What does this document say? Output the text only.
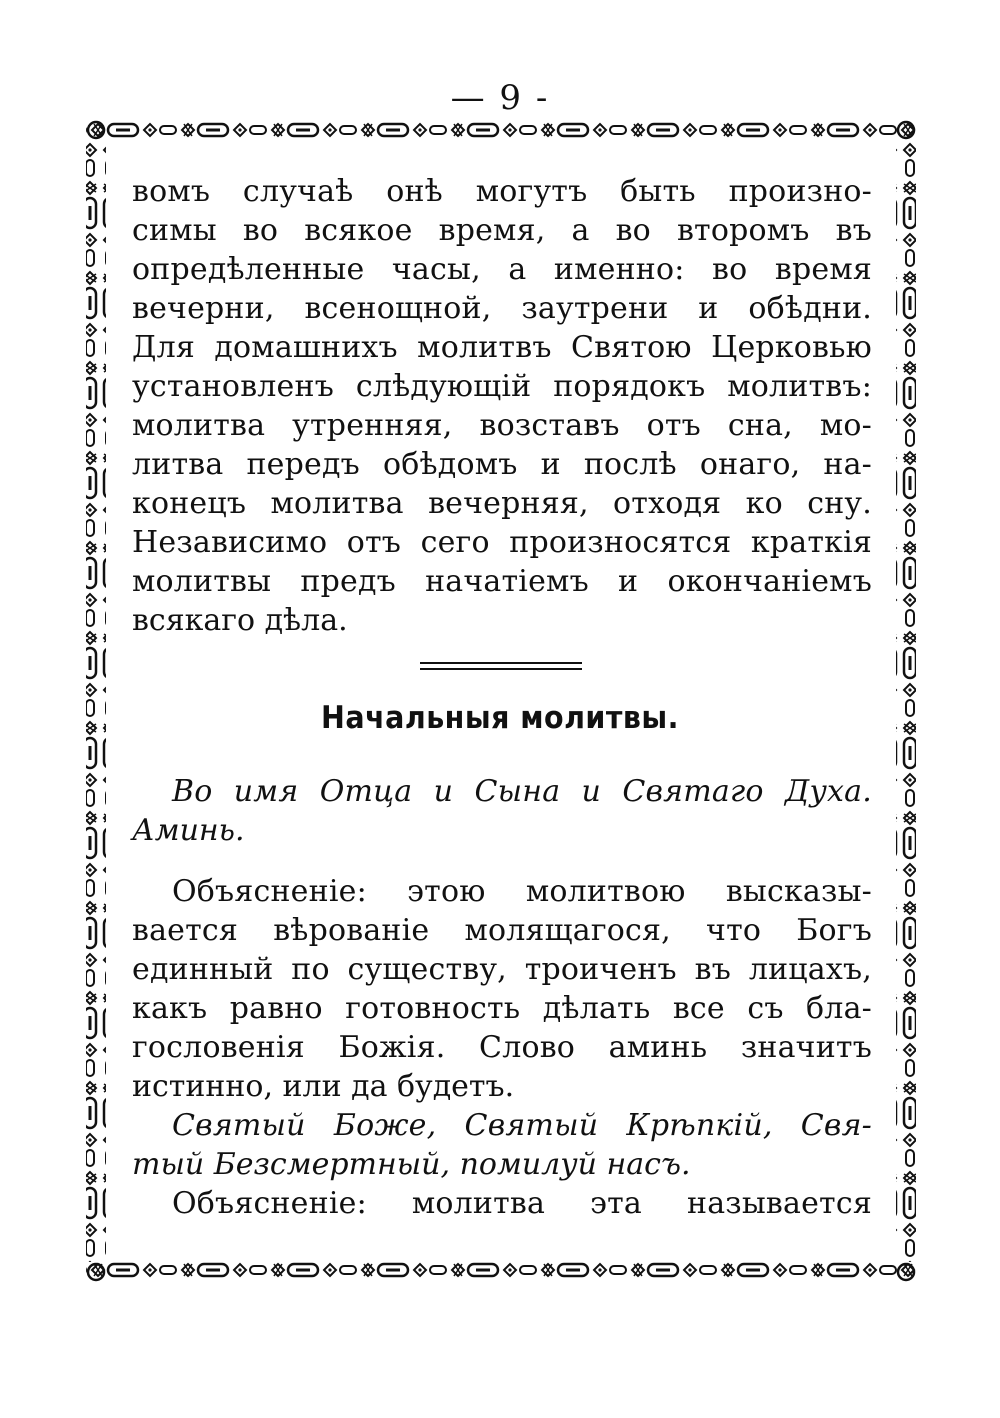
— 9 -
вомъ случаѣ онѣ могутъ быть произно-
симы во всякое время, а во второмъ въ
опредѣленные часы, а именно: во время
вечерни, всенощной, заутрени и обѣдни.
Для домашнихъ молитвъ Святою Церковью
установленъ слѣдующій порядокъ молитвъ:
молитва утренняя, возставъ отъ сна, мо-
литва передъ обѣдомъ и послѣ онаго, на-
конецъ молитва вечерняя, отходя ко сну.
Независимо отъ сего произносятся краткія
молитвы предъ начатіемъ и окончаніемъ
всякаго дѣла.
Начальныя молитвы.
Во имя Отца и Сына и Святаго Духа.
Аминь.
Объясненіе: этою молитвою высказы-
вается вѣрованіе молящагося, что Богъ
единный по существу, троиченъ въ лицахъ,
какъ равно готовность дѣлать все съ бла-
гословенія Божія. Слово аминь значитъ
истинно, или да будетъ.
Святый Боже, Святый Крѣпкій, Свя-
тый Безсмертный, помилуй насъ.
Объясненіе: молитва эта называется
